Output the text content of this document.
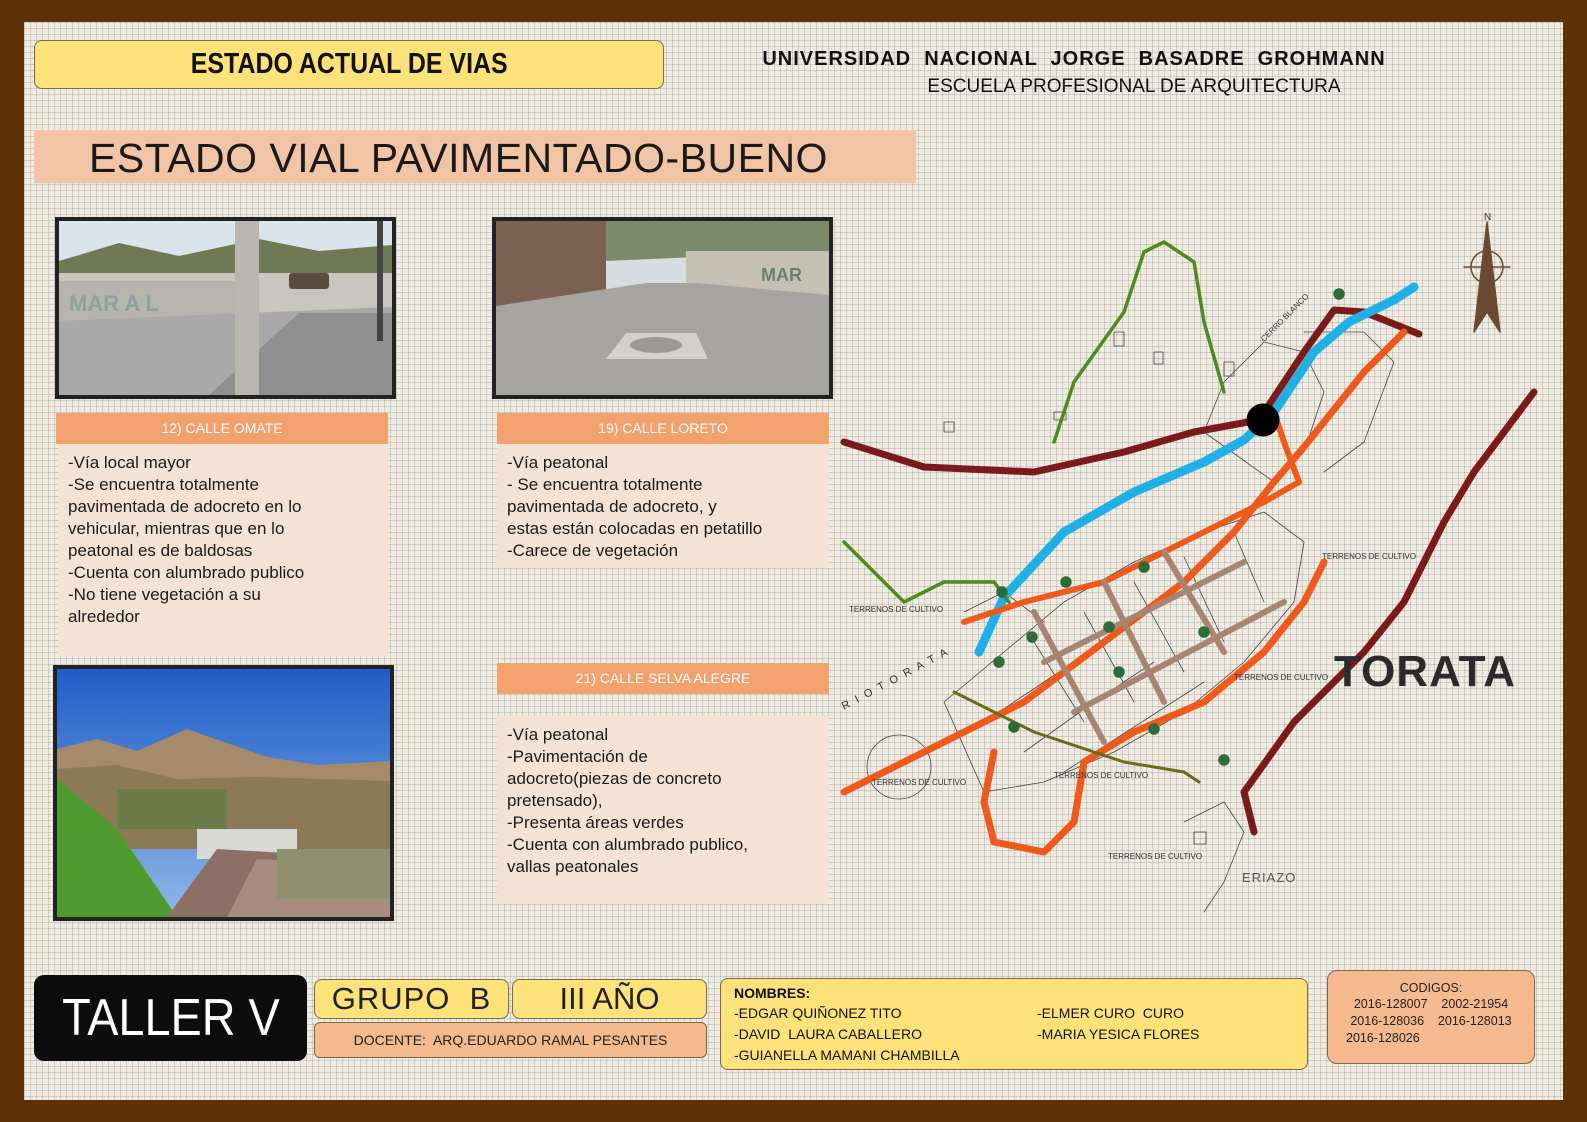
ESTADO ACTUAL DE VIAS	UNIVERSIDAD  NACIONAL  JORGE  BASADRE  GROHMANN
ESCUELA PROFESIONAL DE ARQUITECTURA
ESTADO VIAL PAVIMENTADO-BUENO
MAR A L
MAR
12) CALLE OMATE
-Vía local mayor
-Se encuentra totalmente
pavimentada de adocreto en lo
vehicular, mientras que en lo
peatonal es de baldosas
-Cuenta con alumbrado publico
-No tiene vegetación a su
alrededor
19) CALLE LORETO
-Vía peatonal
- Se encuentra totalmente
pavimentada de adocreto, y
estas están colocadas en petatillo
-Carece de vegetación
21) CALLE SELVA ALEGRE
-Vía peatonal
-Pavimentación de
adocreto(piezas de concreto
pretensado),
-Presenta áreas verdes
-Cuenta con alumbrado publico,
vallas peatonales
N
CERRO BLANCO
R I O T O R A T A
TERRENOS DE CULTIVO
TERRENOS DE CULTIVO
TERRENOS DE CULTIVO
TERRENOS DE CULTIVO
TERRENOS DE CULTIVO
TERRENOS DE CULTIVO
ERIAZO
TORATA
TALLER V	GRUPO  B	III AÑO
DOCENTE:  ARQ.EDUARDO RAMAL PESANTES
NOMBRES:
-EDGAR QUIÑONEZ TITO
-DAVID  LAURA CABALLERO
-GUIANELLA MAMANI CHAMBILLA
-ELMER CURO  CURO
-MARIA YESICA FLORES
CODIGOS:
2016-128007    2002-21954
2016-128036    2016-128013
2016-128026
